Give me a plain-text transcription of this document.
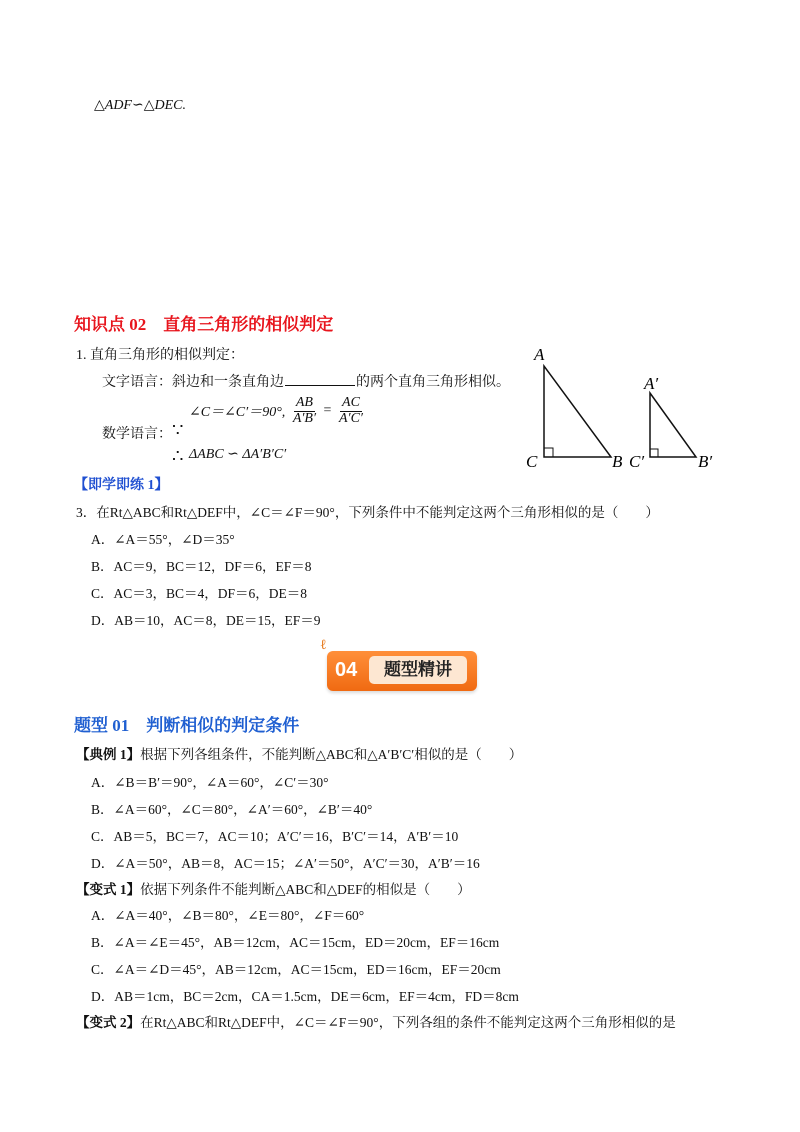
△ADF∽△DEC.
知识点 02　直角三角形的相似判定
1. 直角三角形的相似判定：
文字语言：斜边和一条直角边	的两个直角三角形相似。
数学语言： ∵
∠C＝∠C′＝90°, $\frac{AB}{A'B'} = \frac{AC}{A'C'}$
∴ ΔABC ∽ ΔA′B′C′
A
C	B
A′
C′	B′
【即学即练 1】
3．在Rt△ABC和Rt△DEF中，∠C＝∠F＝90°，下列条件中不能判定这两个三角形相似的是（　　）
A．∠A＝55°，∠D＝35°
B．AC＝9，BC＝12，DF＝6，EF＝8
C．AC＝3，BC＝4，DF＝6，DE＝8
D．AB＝10，AC＝8，DE＝15，EF＝9
ℓ
04	题型精讲
题型 01　判断相似的判定条件
【典例 1】根据下列各组条件，不能判断△ABC和△A′B′C′相似的是（　　）
A．∠B＝B′＝90°，∠A＝60°，∠C′＝30°
B．∠A＝60°，∠C＝80°，∠A′＝60°，∠B′＝40°
C．AB＝5，BC＝7，AC＝10；A′C′＝16，B′C′＝14，A′B′＝10
D．∠A＝50°，AB＝8，AC＝15；∠A′＝50°，A′C′＝30，A′B′＝16
【变式 1】依据下列条件不能判断△ABC和△DEF的相似是（　　）
A．∠A＝40°，∠B＝80°，∠E＝80°，∠F＝60°
B．∠A＝∠E＝45°，AB＝12cm，AC＝15cm，ED＝20cm，EF＝16cm
C．∠A＝∠D＝45°，AB＝12cm，AC＝15cm，ED＝16cm，EF＝20cm
D．AB＝1cm，BC＝2cm，CA＝1.5cm，DE＝6cm，EF＝4cm，FD＝8cm
【变式 2】在Rt△ABC和Rt△DEF中，∠C＝∠F＝90°，下列各组的条件不能判定这两个三角形相似的是
